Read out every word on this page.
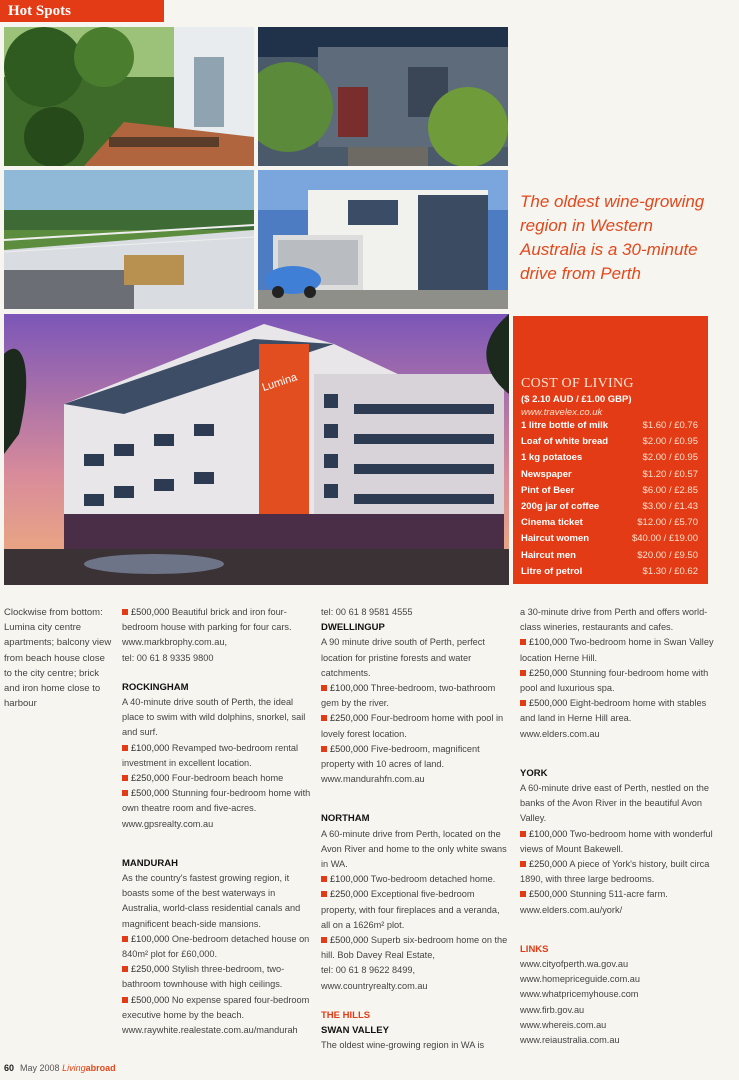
Hot Spots
The oldest wine-growing region in Western Australia is a 30-minute drive from Perth
Lumina	COST OF LIVING
($ 2.10 AUD / £1.00 GBP)
www.travelex.co.uk
1 litre bottle of milk	$1.60 / £0.76
Loaf of white bread	$2.00 / £0.95
1 kg potatoes	$2.00 / £0.95
Newspaper	$1.20 / £0.57
Pint of Beer	$6.00 / £2.85
200g jar of coffee	$3.00 / £1.43
Cinema ticket	$12.00 / £5.70
Haircut women	$40.00 / £19.00
Haircut men	$20.00 / £9.50
Litre of petrol	$1.30 / £0.62
Clockwise from bottom: Lumina city centre apartments; balcony view from beach house close to the city centre; brick and iron home close to harbour

£500,000 Beautiful brick and iron four-bedroom house with parking for four cars.

www.markbrophy.com.au,

tel: 00 61 8 9335 9800

ROCKINGHAM

A 40-minute drive south of Perth, the ideal place to swim with wild dolphins, snorkel, sail and surf.

£100,000 Revamped two-bedroom rental investment in excellent location.

£250,000 Four-bedroom beach home

£500,000 Stunning four-bedroom home with own theatre room and five-acres.

www.gpsrealty.com.au

MANDURAH

As the country's fastest growing region, it boasts some of the best waterways in Australia, world-class residential canals and magnificent beach-side mansions.

£100,000 One-bedroom detached house on 840m² plot for £60,000.

£250,000 Stylish three-bedroom, two-bathroom townhouse with high ceilings.

£500,000 No expense spared four-bedroom executive home by the beach.

www.raywhite.realestate.com.au/mandurah

tel: 00 61 8 9581 4555

DWELLINGUP

A 90 minute drive south of Perth, perfect location for pristine forests and water catchments.

£100,000 Three-bedroom, two-bathroom gem by the river.

£250,000 Four-bedroom home with pool in lovely forest location.

£500,000 Five-bedroom, magnificent property with 10 acres of land.

www.mandurahfn.com.au

NORTHAM

A 60-minute drive from Perth, located on the Avon River and home to the only white swans in WA.

£100,000 Two-bedroom detached home.

£250,000 Exceptional five-bedroom property, with four fireplaces and a veranda, all on a 1626m² plot.

£500,000 Superb six-bedroom home on the hill. Bob Davey Real Estate,

tel: 00 61 8 9622 8499,

www.countryrealty.com.au

THE HILLS

SWAN VALLEY

The oldest wine-growing region in WA is

a 30-minute drive from Perth and offers world-class wineries, restaurants and cafes.

£100,000 Two-bedroom home in Swan Valley location Herne Hill.

£250,000 Stunning four-bedroom home with pool and luxurious spa.

£500,000 Eight-bedroom home with stables and land in Herne Hill area.

www.elders.com.au

YORK

A 60-minute drive east of Perth, nestled on the banks of the Avon River in the beautiful Avon Valley.

£100,000 Two-bedroom home with wonderful views of Mount Bakewell.

£250,000 A piece of York's history, built circa 1890, with three large bedrooms.

£500,000 Stunning 511-acre farm.

www.elders.com.au/york/

LINKS

www.cityofperth.wa.gov.au

www.homepriceguide.com.au

www.whatpricemyhouse.com

www.firb.gov.au

www.whereis.com.au

www.reiaustralia.com.au

60 May 2008 Livingabroad
